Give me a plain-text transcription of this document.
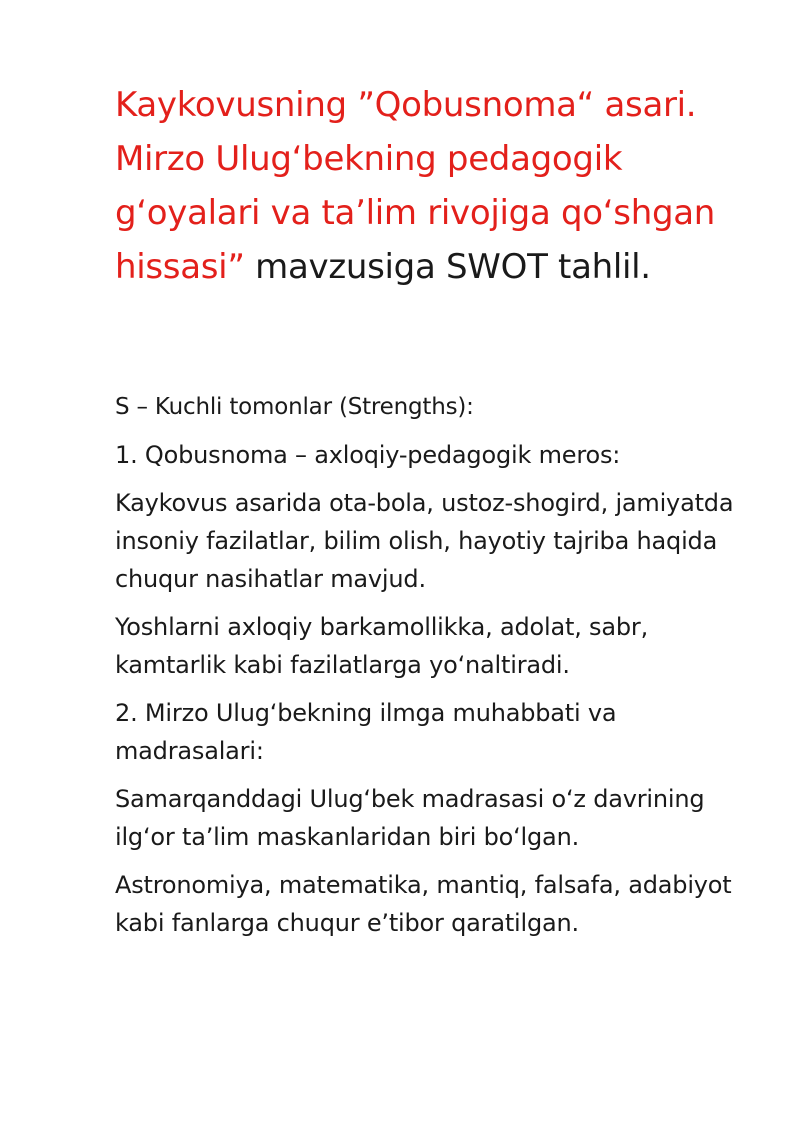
Kaykovusning ”Qobusnoma“ asari. Mirzo Ulug‘bekning pedagogik g‘oyalari va ta’lim rivojiga qo‘shgan hissasi” mavzusiga SWOT tahlil.

S – Kuchli tomonlar (Strengths):

1. Qobusnoma – axloqiy-pedagogik meros:

Kaykovus asarida ota-bola, ustoz-shogird, jamiyatda insoniy fazilatlar, bilim olish, hayotiy tajriba haqida chuqur nasihatlar mavjud.

Yoshlarni axloqiy barkamollikka, adolat, sabr, kamtarlik kabi fazilatlarga yo‘naltiradi.

2. Mirzo Ulug‘bekning ilmga muhabbati va madrasalari:

Samarqanddagi Ulug‘bek madrasasi o‘z davrining ilg‘or ta’lim maskanlaridan biri bo‘lgan.

Astronomiya, matematika, mantiq, falsafa, adabiyot kabi fanlarga chuqur e’tibor qaratilgan.
